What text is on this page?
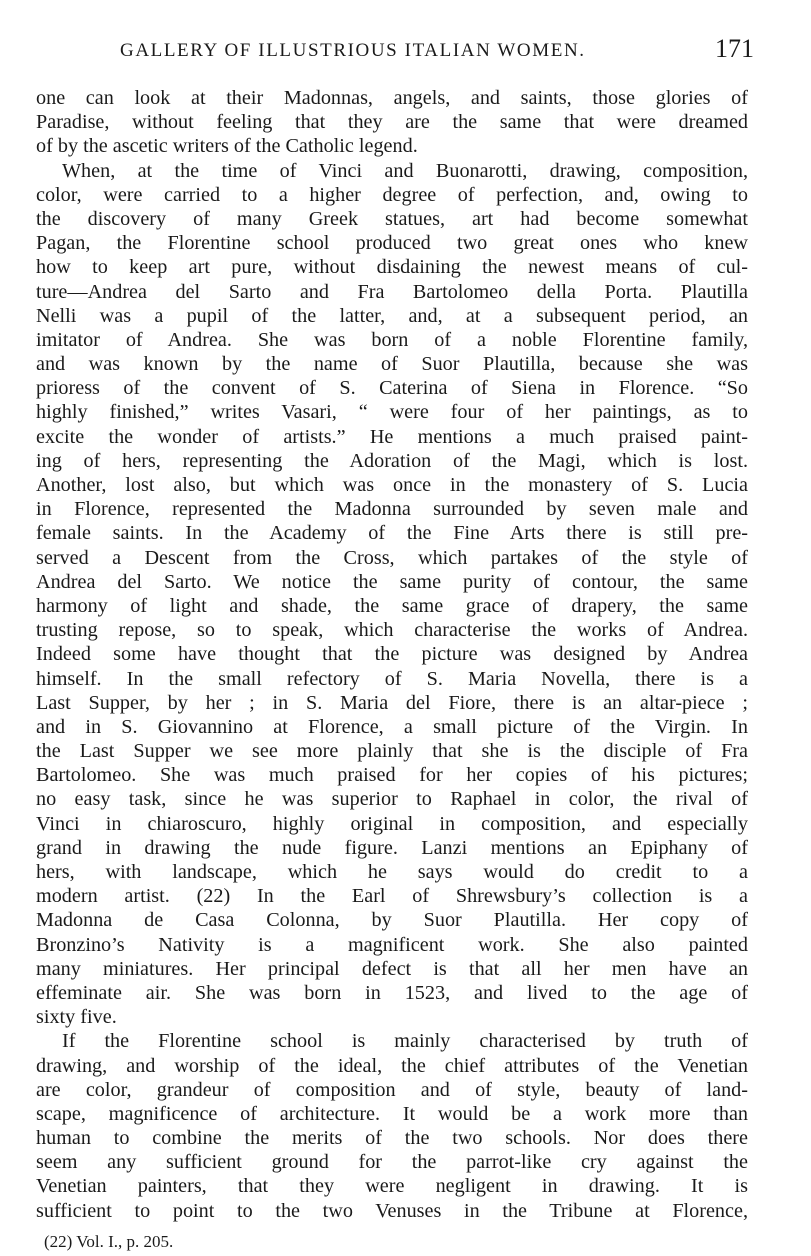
GALLERY OF ILLUSTRIOUS ITALIAN WOMEN.	171
one can look at their Madonnas, angels, and saints, those glories of
Paradise, without feeling that they are the same that were dreamed
of by the ascetic writers of the Catholic legend.
When, at the time of Vinci and Buonarotti, drawing, composition,
color, were carried to a higher degree of perfection, and, owing to
the discovery of many Greek statues, art had become somewhat
Pagan, the Florentine school produced two great ones who knew
how to keep art pure, without disdaining the newest means of cul-
ture—Andrea del Sarto and Fra Bartolomeo della Porta. Plautilla
Nelli was a pupil of the latter, and, at a subsequent period, an
imitator of Andrea. She was born of a noble Florentine family,
and was known by the name of Suor Plautilla, because she was
prioress of the convent of S. Caterina of Siena in Florence. “So
highly finished,” writes Vasari, “ were four of her paintings, as to
excite the wonder of artists.” He mentions a much praised paint-
ing of hers, representing the Adoration of the Magi, which is lost.
Another, lost also, but which was once in the monastery of S. Lucia
in Florence, represented the Madonna surrounded by seven male and
female saints. In the Academy of the Fine Arts there is still pre-
served a Descent from the Cross, which partakes of the style of
Andrea del Sarto. We notice the same purity of contour, the same
harmony of light and shade, the same grace of drapery, the same
trusting repose, so to speak, which characterise the works of Andrea.
Indeed some have thought that the picture was designed by Andrea
himself. In the small refectory of S. Maria Novella, there is a
Last Supper, by her ; in S. Maria del Fiore, there is an altar-piece ;
and in S. Giovannino at Florence, a small picture of the Virgin. In
the Last Supper we see more plainly that she is the disciple of Fra
Bartolomeo. She was much praised for her copies of his pictures;
no easy task, since he was superior to Raphael in color, the rival of
Vinci in chiaroscuro, highly original in composition, and especially
grand in drawing the nude figure. Lanzi mentions an Epiphany of
hers, with landscape, which he says would do credit to a
modern artist. (22) In the Earl of Shrewsbury’s collection is a
Madonna de Casa Colonna, by Suor Plautilla. Her copy of
Bronzino’s Nativity is a magnificent work. She also painted
many miniatures. Her principal defect is that all her men have an
effeminate air. She was born in 1523, and lived to the age of
sixty five.
If the Florentine school is mainly characterised by truth of
drawing, and worship of the ideal, the chief attributes of the Venetian
are color, grandeur of composition and of style, beauty of land-
scape, magnificence of architecture. It would be a work more than
human to combine the merits of the two schools. Nor does there
seem any sufficient ground for the parrot-like cry against the
Venetian painters, that they were negligent in drawing. It is
sufficient to point to the two Venuses in the Tribune at Florence,
(22) Vol. I., p. 205.
